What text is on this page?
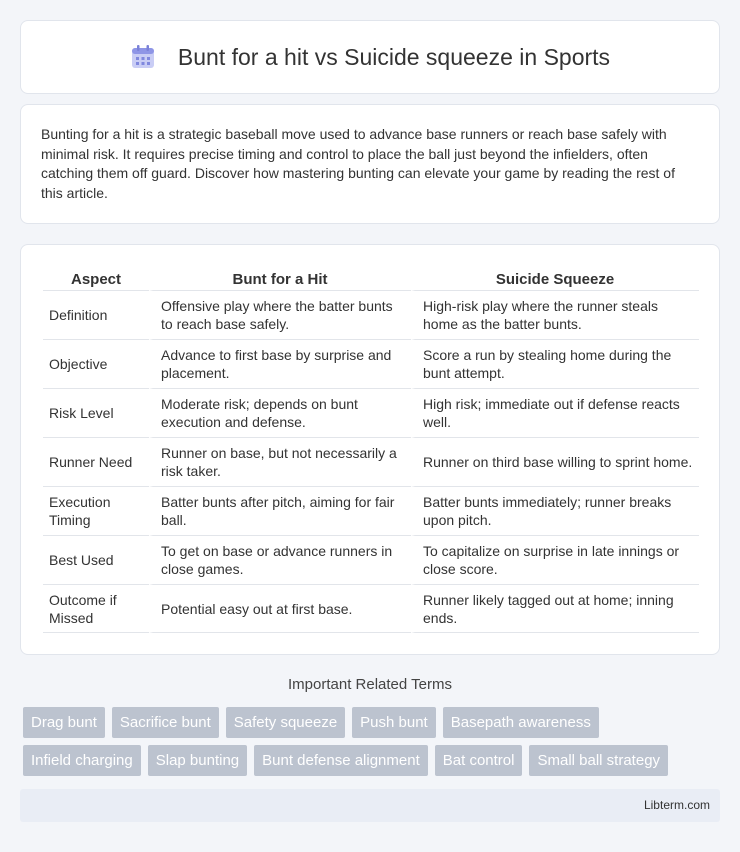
Bunt for a hit vs Suicide squeeze in Sports

Bunting for a hit is a strategic baseball move used to advance base runners or reach base safely with minimal risk. It requires precise timing and control to place the ball just beyond the infielders, often catching them off guard. Discover how mastering bunting can elevate your game by reading the rest of this article.

Aspect	Bunt for a Hit	Suicide Squeeze
Definition	Offensive play where the batter bunts to reach base safely.	High-risk play where the runner steals home as the batter bunts.
Objective	Advance to first base by surprise and placement.	Score a run by stealing home during the bunt attempt.
Risk Level	Moderate risk; depends on bunt execution and defense.	High risk; immediate out if defense reacts well.
Runner Need	Runner on base, but not necessarily a risk taker.	Runner on third base willing to sprint home.
Execution Timing	Batter bunts after pitch, aiming for fair ball.	Batter bunts immediately; runner breaks upon pitch.
Best Used	To get on base or advance runners in close games.	To capitalize on surprise in late innings or close score.
Outcome if Missed	Potential easy out at first base.	Runner likely tagged out at home; inning ends.
Important Related Terms
Drag bunt	Sacrifice bunt	Safety squeeze	Push bunt	Basepath awareness
Infield charging	Slap bunting	Bunt defense alignment	Bat control	Small ball strategy
Libterm.com
